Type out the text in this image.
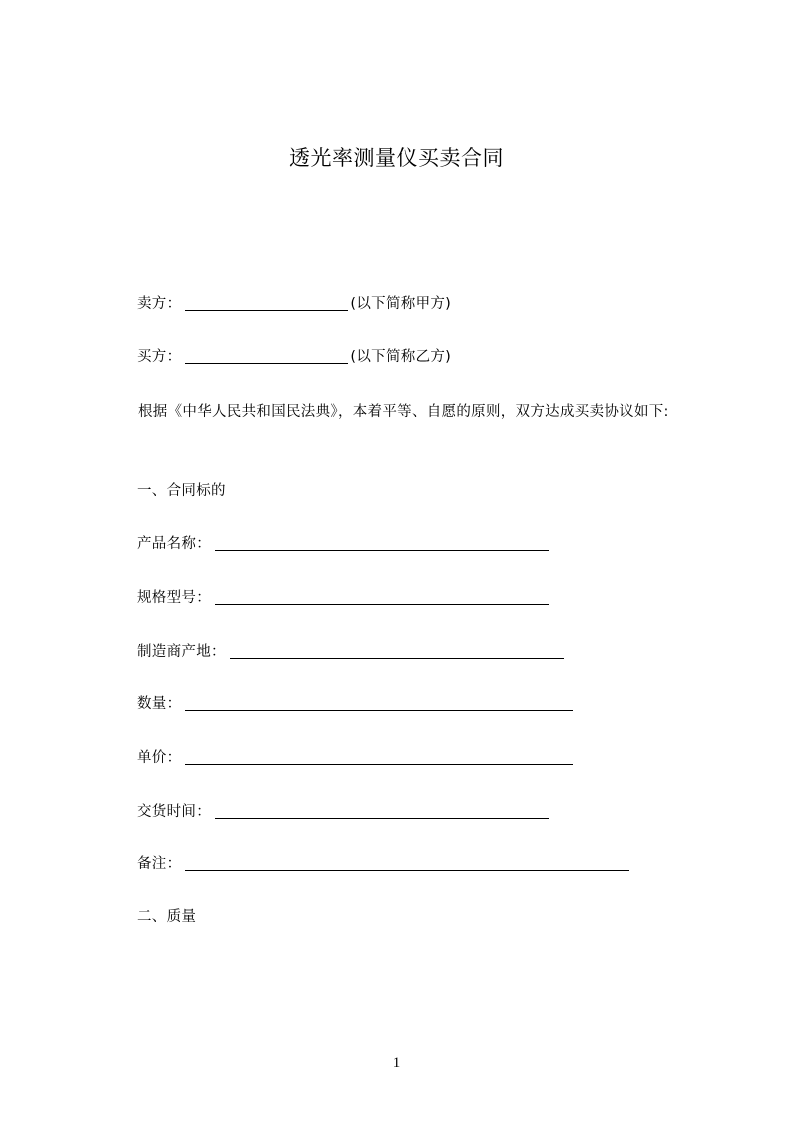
透光率测量仪买卖合同
卖方：	(以下简称甲方)
买方：	(以下简称乙方)
根据《中华人民共和国民法典》，本着平等、自愿的原则，双方达成买卖协议如下:
一、合同标的
产品名称：
规格型号：
制造商产地：
数量：
单价：
交货时间：
备注：
二、质量
1
